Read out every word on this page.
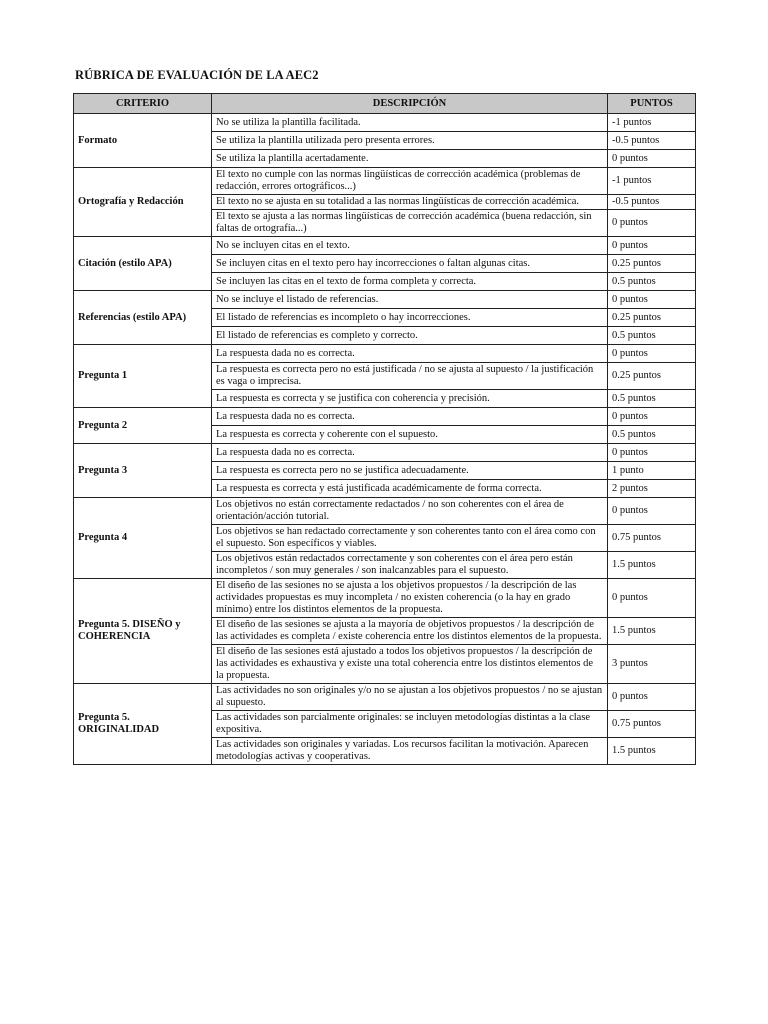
RÚBRICA DE EVALUACIÓN DE LA AEC2
CRITERIO	DESCRIPCIÓN	PUNTOS
Formato	No se utiliza la plantilla facilitada.	-1 puntos
	Se utiliza la plantilla utilizada pero presenta errores.	-0.5 puntos
	Se utiliza la plantilla acertadamente.	0 puntos
Ortografía y Redacción	El texto no cumple con las normas lingüísticas de corrección académica (problemas de redacción, errores ortográficos...)	-1 puntos
	El texto no se ajusta en su totalidad a las normas lingüísticas de corrección académica.	-0.5 puntos
	El texto se ajusta a las normas lingüísticas de corrección académica (buena redacción, sin faltas de ortografía...)	0 puntos
Citación (estilo APA)	No se incluyen citas en el texto.	0 puntos
	Se incluyen citas en el texto pero hay incorrecciones o faltan algunas citas.	0.25 puntos
	Se incluyen las citas en el texto de forma completa y correcta.	0.5 puntos
Referencias (estilo APA)	No se incluye el listado de referencias.	0 puntos
	El listado de referencias es incompleto o hay incorrecciones.	0.25 puntos
	El listado de referencias es completo y correcto.	0.5 puntos
Pregunta 1	La respuesta dada no es correcta.	0 puntos
	La respuesta es correcta pero no está justificada / no se ajusta al supuesto / la justificación es vaga o imprecisa.	0.25 puntos
	La respuesta es correcta y se justifica con coherencia y precisión.	0.5 puntos
Pregunta 2	La respuesta dada no es correcta.	0 puntos
	La respuesta es correcta y coherente con el supuesto.	0.5 puntos
Pregunta 3	La respuesta dada no es correcta.	0 puntos
	La respuesta es correcta pero no se justifica adecuadamente.	1 punto
	La respuesta es correcta y está justificada académicamente de forma correcta.	2 puntos
Pregunta 4	Los objetivos no están correctamente redactados / no son coherentes con el área de orientación/acción tutorial.	0 puntos
	Los objetivos se han redactado correctamente y son coherentes tanto con el área como con el supuesto. Son específicos y viables.	0.75 puntos
	Los objetivos están redactados correctamente y son coherentes con el área pero están incompletos / son muy generales / son inalcanzables para el supuesto.	1.5 puntos
Pregunta 5. DISEÑO y COHERENCIA	El diseño de las sesiones no se ajusta a los objetivos propuestos / la descripción de las actividades propuestas es muy incompleta / no existen coherencia (o la hay en grado mínimo) entre los distintos elementos de la propuesta.	0 puntos
	El diseño de las sesiones se ajusta a la mayoría de objetivos propuestos / la descripción de las actividades es completa / existe coherencia entre los distintos elementos de la propuesta.	1.5 puntos
	El diseño de las sesiones está ajustado a todos los objetivos propuestos / la descripción de las actividades es exhaustiva y existe una total coherencia entre los distintos elementos de la propuesta.	3 puntos
Pregunta 5. ORIGINALIDAD	Las actividades no son originales y/o no se ajustan a los objetivos propuestos / no se ajustan al supuesto.	0 puntos
	Las actividades son parcialmente originales: se incluyen metodologías distintas a la clase expositiva.	0.75 puntos
	Las actividades son originales y variadas. Los recursos facilitan la motivación. Aparecen metodologías activas y cooperativas.	1.5 puntos
